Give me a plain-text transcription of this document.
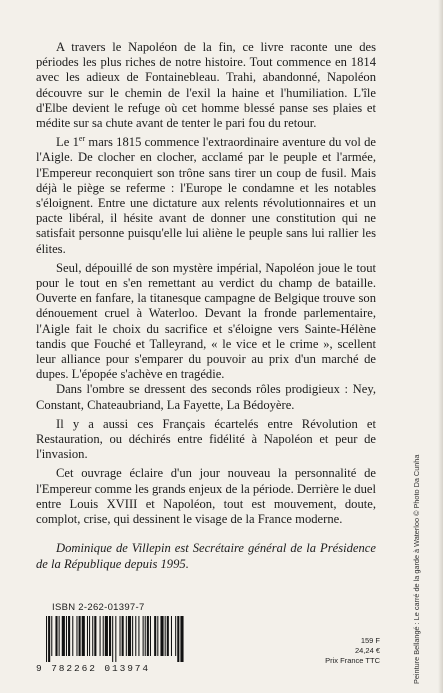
A travers le Napoléon de la fin, ce livre raconte une des périodes les plus riches de notre histoire. Tout commence en 1814 avec les adieux de Fontainebleau. Trahi, abandonné, Napoléon découvre sur le chemin de l'exil la haine et l'humiliation. L'île d'Elbe devient le refuge où cet homme blessé panse ses plaies et médite sur sa chute avant de tenter le pari fou du retour.

Le 1er mars 1815 commence l'extraordinaire aventure du vol de l'Aigle. De clocher en clocher, acclamé par le peuple et l'armée, l'Empereur reconquiert son trône sans tirer un coup de fusil. Mais déjà le piège se referme : l'Europe le condamne et les notables s'éloignent. Entre une dictature aux relents révolutionnaires et un pacte libéral, il hésite avant de donner une constitution qui ne satisfait personne puisqu'elle lui aliène le peuple sans lui rallier les élites.

Seul, dépouillé de son mystère impérial, Napoléon joue le tout pour le tout en s'en remettant au verdict du champ de bataille. Ouverte en fanfare, la titanesque campagne de Belgique trouve son dénouement cruel à Waterloo. Devant la fronde parlementaire, l'Aigle fait le choix du sacrifice et s'éloigne vers Sainte-Hélène tandis que Fouché et Talleyrand, « le vice et le crime », scellent leur alliance pour s'emparer du pouvoir au prix d'un marché de dupes. L'épopée s'achève en tragédie.

Dans l'ombre se dressent des seconds rôles prodigieux : Ney, Constant, Chateaubriand, La Fayette, La Bédoyère.

Il y a aussi ces Français écartelés entre Révolution et Restauration, ou déchirés entre fidélité à Napoléon et peur de l'invasion.

Cet ouvrage éclaire d'un jour nouveau la personnalité de l'Empereur comme les grands enjeux de la période. Derrière le duel entre Louis XVIII et Napoléon, tout est mouvement, doute, complot, crise, qui dessinent le visage de la France moderne.

Dominique de Villepin est Secrétaire général de la Présidence de la République depuis 1995.	Peinture Bellangé : Le carré de la garde à Waterloo © Photo Da Cunha
ISBN 2-262-01397-7
9 782262 013974
159 F
24,24 €
Prix France TTC
